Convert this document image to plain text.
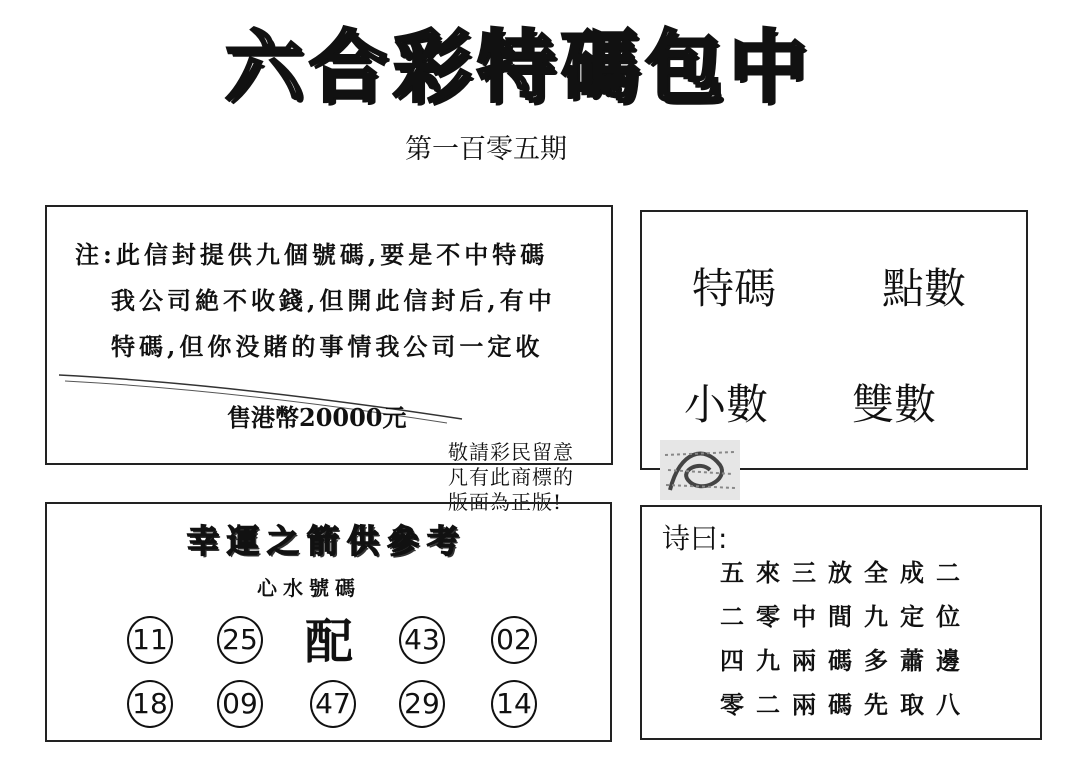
六合彩特碼包中
第一百零五期
注:此信封提供九個號碼,要是不中特碼
我公司絶不收錢,但開此信封后,有中
特碼,但你没賭的事情我公司一定收
售港幣20000元
特碼	點數
小數 雙數
敬請彩民留意
凡有此商標的
版面為正版!
幸運之箭供參考
心水號碼
11 25 配 43 02
18 09 47 29 14
诗曰:
五來三放全成二
二零中間九定位
四九兩碼多蕭邊
零二兩碼先取八
